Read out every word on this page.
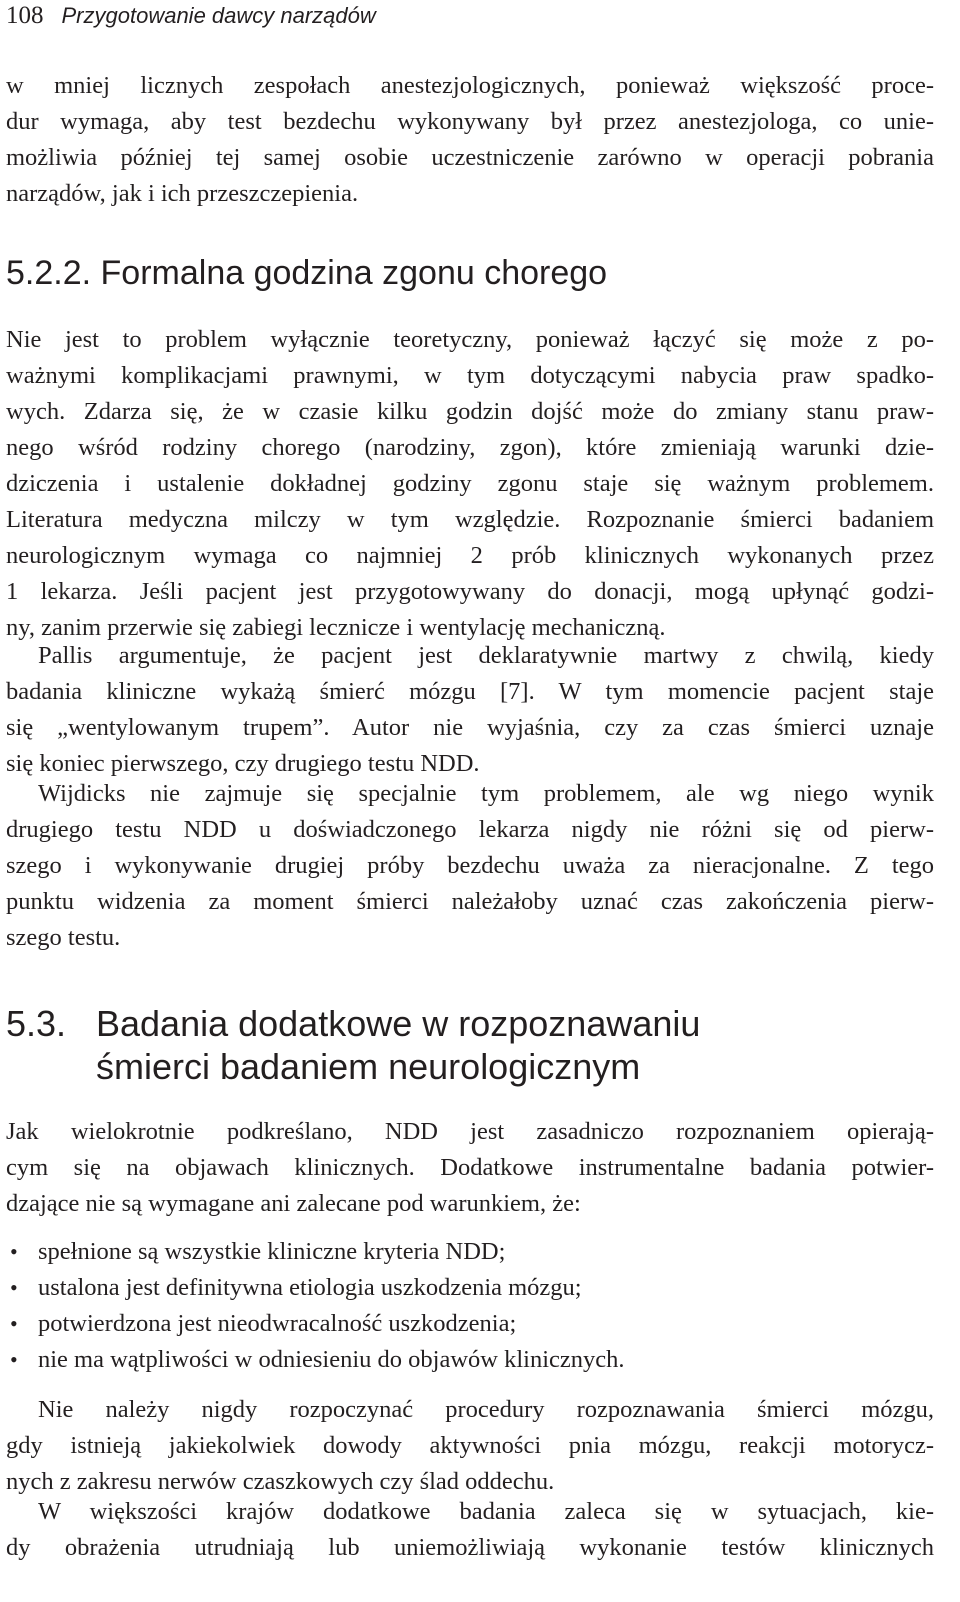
108 Przygotowanie dawcy narządów
w mniej licznych zespołach anestezjologicznych, ponieważ większość proce-
dur wymaga, aby test bezdechu wykonywany był przez anestezjologa, co unie-
możliwia później tej samej osobie uczestniczenie zarówno w operacji pobrania
narządów, jak i ich przeszczepienia.
5.2.2. Formalna godzina zgonu chorego
Nie jest to problem wyłącznie teoretyczny, ponieważ łączyć się może z po-
ważnymi komplikacjami prawnymi, w tym dotyczącymi nabycia praw spadko-
wych. Zdarza się, że w czasie kilku godzin dojść może do zmiany stanu praw-
nego wśród rodziny chorego (narodziny, zgon), które zmieniają warunki dzie-
dziczenia i ustalenie dokładnej godziny zgonu staje się ważnym problemem.
Literatura medyczna milczy w tym względzie. Rozpoznanie śmierci badaniem
neurologicznym wymaga co najmniej 2 prób klinicznych wykonanych przez
1 lekarza. Jeśli pacjent jest przygotowywany do donacji, mogą upłynąć godzi-
ny, zanim przerwie się zabiegi lecznicze i wentylację mechaniczną.
Pallis argumentuje, że pacjent jest deklaratywnie martwy z chwilą, kiedy
badania kliniczne wykażą śmierć mózgu [7]. W tym momencie pacjent staje
się „wentylowanym trupem”. Autor nie wyjaśnia, czy za czas śmierci uznaje
się koniec pierwszego, czy drugiego testu NDD.
Wijdicks nie zajmuje się specjalnie tym problemem, ale wg niego wynik
drugiego testu NDD u doświadczonego lekarza nigdy nie różni się od pierw-
szego i wykonywanie drugiej próby bezdechu uważa za nieracjonalne. Z tego
punktu widzenia za moment śmierci należałoby uznać czas zakończenia pierw-
szego testu.
5.3. Badania dodatkowe w rozpoznawaniu
śmierci badaniem neurologicznym
Jak wielokrotnie podkreślano, NDD jest zasadniczo rozpoznaniem opierają-
cym się na objawach klinicznych. Dodatkowe instrumentalne badania potwier-
dzające nie są wymagane ani zalecane pod warunkiem, że:
• spełnione są wszystkie kliniczne kryteria NDD;
• ustalona jest definitywna etiologia uszkodzenia mózgu;
• potwierdzona jest nieodwracalność uszkodzenia;
• nie ma wątpliwości w odniesieniu do objawów klinicznych.
Nie należy nigdy rozpoczynać procedury rozpoznawania śmierci mózgu,
gdy istnieją jakiekolwiek dowody aktywności pnia mózgu, reakcji motorycz-
nych z zakresu nerwów czaszkowych czy ślad oddechu.
W większości krajów dodatkowe badania zaleca się w sytuacjach, kie-
dy obrażenia utrudniają lub uniemożliwiają wykonanie testów klinicznych
